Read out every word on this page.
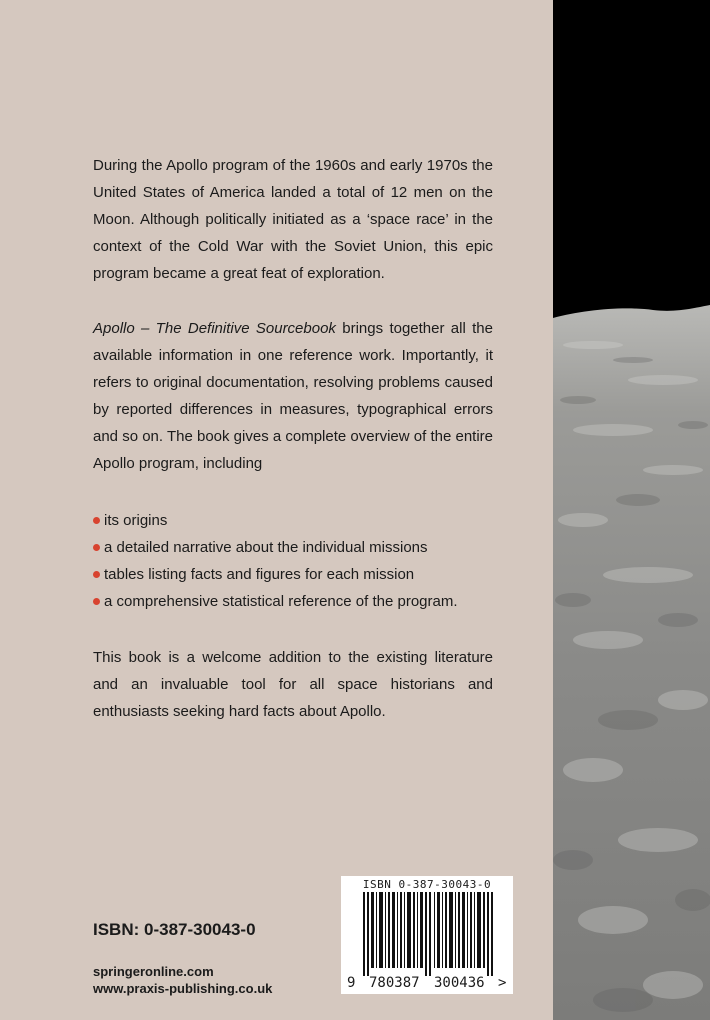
During the Apollo program of the 1960s and early 1970s the United States of America landed a total of 12 men on the Moon. Although politically initiated as a ‘space race’ in the context of the Cold War with the Soviet Union, this epic program became a great feat of exploration.

Apollo – The Definitive Sourcebook brings together all the available information in one reference work. Importantly, it refers to original documentation, resolving problems caused by reported differences in measures, typographical errors and so on. The book gives a complete overview of the entire Apollo program, including

its origins
a detailed narrative about the individual missions
tables listing facts and figures for each mission
a comprehensive statistical reference of the program.

This book is a welcome addition to the existing literature and an invaluable tool for all space historians and enthusiasts seeking hard facts about Apollo.

ISBN: 0-387-30043-0
springeronline.com
www.praxis-publishing.co.uk
ISBN 0-387-30043-0
9 780387 300436 >
